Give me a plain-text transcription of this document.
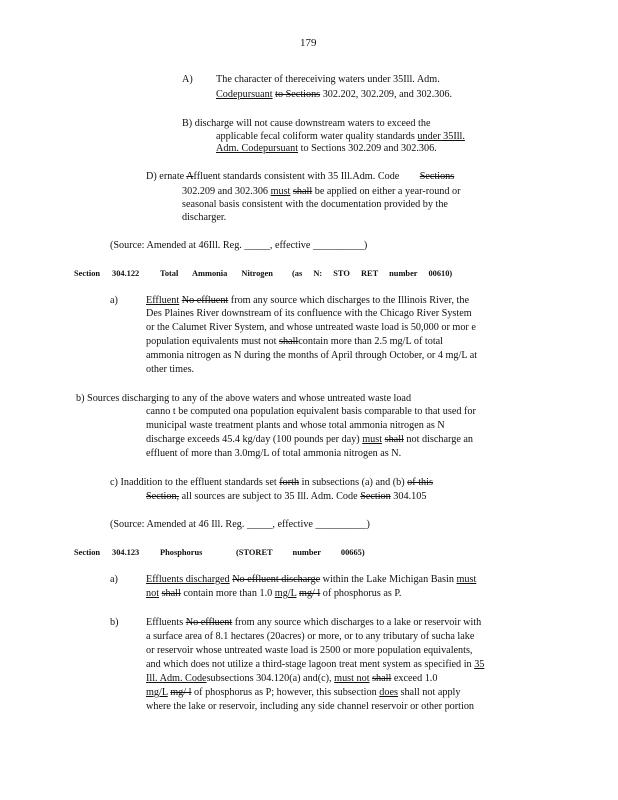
179
A) The character of thereceiving waters under 35Ill. Adm.
Codepursuant to Sections 302.202, 302.209, and 302.306.
B) discharge will not cause downstream waters to exceed the
applicable fecal coliform water quality standards under 35Ill.
Adm. Codepursuant to Sections 302.209 and 302.306.
D) ernate Affluent standards consistent with 35 Ill.Adm. Code Sections
302.209 and 302.306 must shall be applied on either a year-round or
seasonal basis consistent with the documentation provided by the
discharger.
(Source: Amended at 46Ill. Reg. _____, effective __________)
Section 304.122 Total Ammonia Nitrogen (as N: STO RET number 00610)
a)	Effluent No effluent from any source which discharges to the Illinois River, the
Des Plaines River downstream of its confluence with the Chicago River System
or the Calumet River System, and whose untreated waste load is 50,000 or mor e
population equivalents must not shallcontain more than 2.5 mg/L of total
ammonia nitrogen as N during the months of April through October, or 4 mg/L at
other times.
b) Sources discharging to any of the above waters and whose untreated waste load
canno t be computed ona population equivalent basis comparable to that used for
municipal waste treatment plants and whose total ammonia nitrogen as N
discharge exceeds 45.4 kg/day (100 pounds per day) must shall not discharge an
effluent of more than 3.0mg/L of total ammonia nitrogen as N.
c) Inaddition to the effluent standards set forth in subsections (a) and (b) of this
Section, all sources are subject to 35 Ill. Adm. Code Section 304.105
(Source: Amended at 46 Ill. Reg. _____, effective __________)
Section 304.123 Phosphorus	(STORET number 00665)
a)	Effluents discharged No effluent discharge within the Lake Michigan Basin must
not shall contain more than 1.0 mg/L mg/ l of phosphorus as P.
b)	Effluents No effluent from any source which discharges to a lake or reservoir with
a surface area of 8.1 hectares (20acres) or more, or to any tributary of sucha lake
or reservoir whose untreated waste load is 2500 or more population equivalents,
and which does not utilize a third-stage lagoon treat ment system as specified in 35
Ill. Adm. Codesubsections 304.120(a) and(c), must not shall exceed 1.0
mg/L mg/ l of phosphorus as P; however, this subsection does shall not apply
where the lake or reservoir, including any side channel reservoir or other portion
